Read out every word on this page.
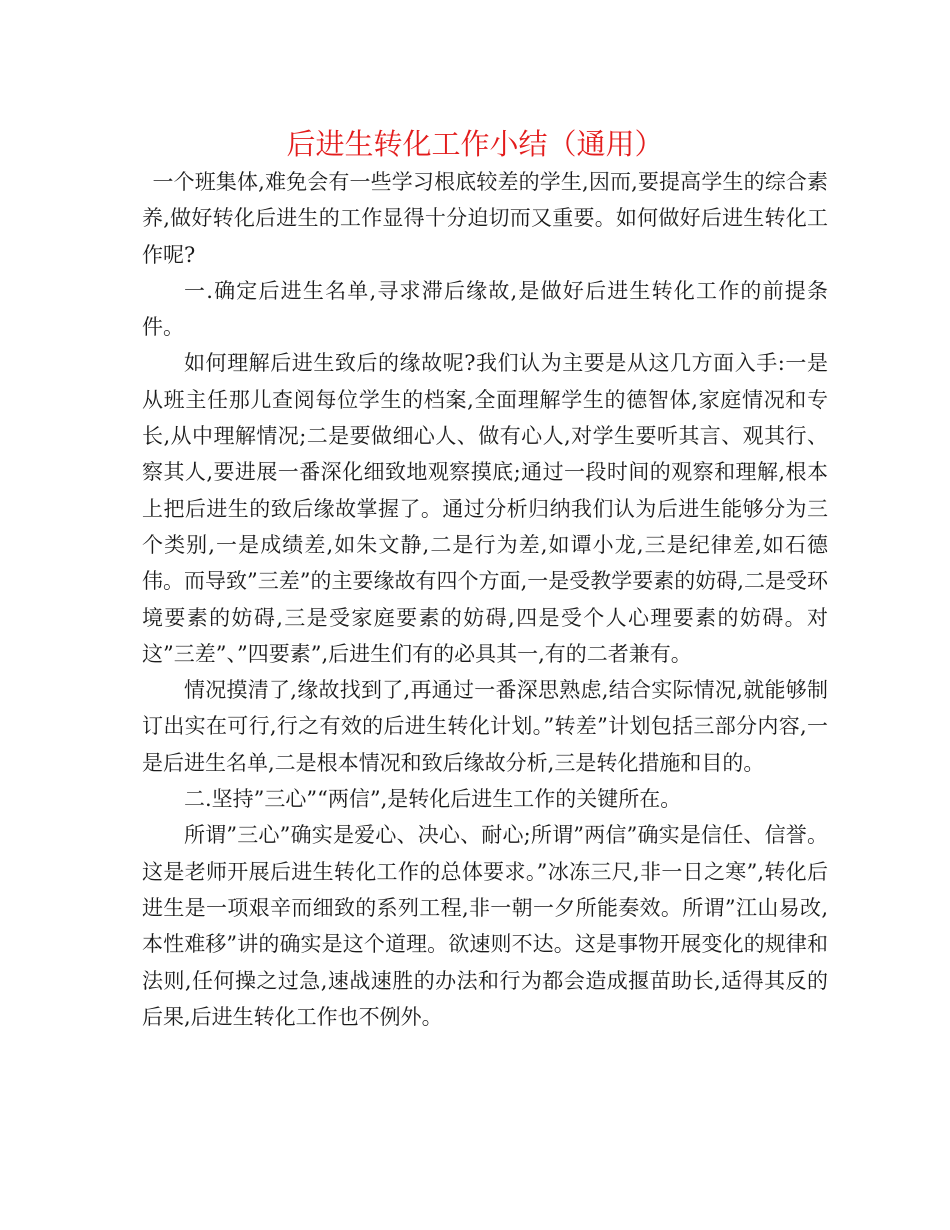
后进生转化工作小结（通用）

一个班集体,难免会有一些学习根底较差的学生,因而,要提高学生的综合素养,做好转化后进生的工作显得十分迫切而又重要。如何做好后进生转化工作呢?

一.确定后进生名单,寻求滞后缘故,是做好后进生转化工作的前提条件。

如何理解后进生致后的缘故呢?我们认为主要是从这几方面入手:一是从班主任那儿查阅每位学生的档案,全面理解学生的德智体,家庭情况和专长,从中理解情况;二是要做细心人、做有心人,对学生要听其言、观其行、察其人,要进展一番深化细致地观察摸底;通过一段时间的观察和理解,根本上把后进生的致后缘故掌握了。通过分析归纳我们认为后进生能够分为三个类别,一是成绩差,如朱文静,二是行为差,如谭小龙,三是纪律差,如石德伟。而导致”三差”的主要缘故有四个方面,一是受教学要素的妨碍,二是受环境要素的妨碍,三是受家庭要素的妨碍,四是受个人心理要素的妨碍。对这”三差”、”四要素”,后进生们有的必具其一,有的二者兼有。

情况摸清了,缘故找到了,再通过一番深思熟虑,结合实际情况,就能够制订出实在可行,行之有效的后进生转化计划。”转差”计划包括三部分内容,一是后进生名单,二是根本情况和致后缘故分析,三是转化措施和目的。

二.坚持”三心”“两信”,是转化后进生工作的关键所在。

所谓”三心”确实是爱心、决心、耐心;所谓”两信”确实是信任、信誉。这是老师开展后进生转化工作的总体要求。”冰冻三尺,非一日之寒”,转化后进生是一项艰辛而细致的系列工程,非一朝一夕所能奏效。所谓”江山易改,本性难移”讲的确实是这个道理。欲速则不达。这是事物开展变化的规律和法则,任何操之过急,速战速胜的办法和行为都会造成揠苗助长,适得其反的后果,后进生转化工作也不例外。
